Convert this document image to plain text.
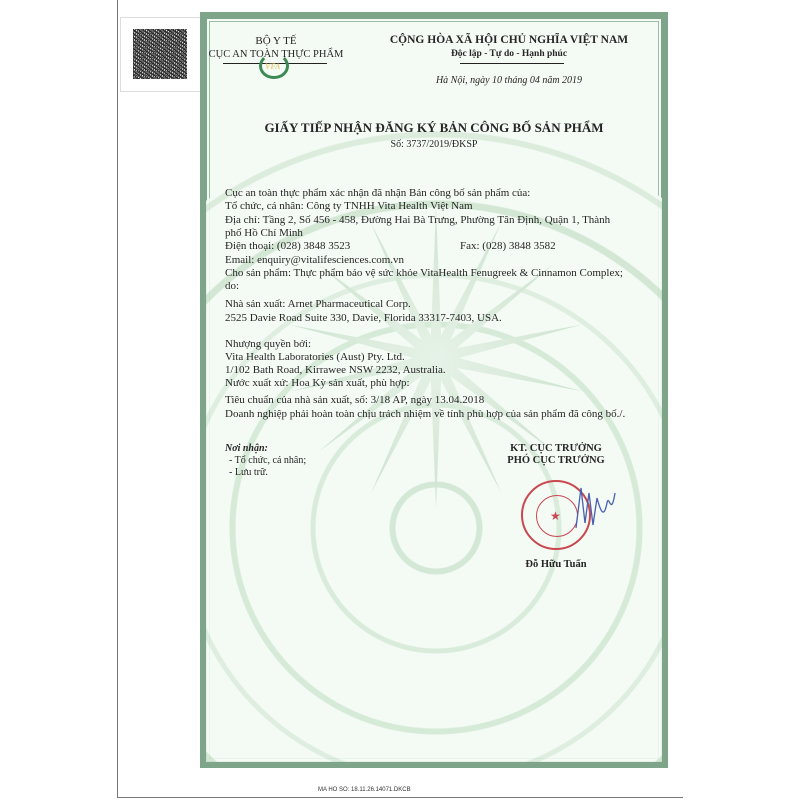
BỘ Y TẾ
CỤC AN TOÀN THỰC PHẨM
VFA
CỘNG HÒA XÃ HỘI CHỦ NGHĨA VIỆT NAM
Độc lập - Tự do - Hạnh phúc
Hà Nội, ngày 10 tháng 04 năm 2019
GIẤY TIẾP NHẬN ĐĂNG KÝ BẢN CÔNG BỐ SẢN PHẨM
Số: 3737/2019/ĐKSP
Cục an toàn thực phẩm xác nhận đã nhận Bản công bố sản phẩm của:
Tổ chức, cá nhân: Công ty TNHH Vita Health Việt Nam
Địa chỉ: Tầng 2, Số 456 - 458, Đường Hai Bà Trưng, Phường Tân Định, Quận 1, Thành
phố Hồ Chí Minh
Điện thoại: (028) 3848 3523	Fax: (028) 3848 3582
Email: enquiry@vitalifesciences.com.vn
Cho sản phẩm: Thực phẩm bảo vệ sức khỏe VitaHealth Fenugreek & Cinnamon Complex;
do:
Nhà sản xuất: Arnet Pharmaceutical Corp.
2525 Davie Road Suite 330, Davie, Florida 33317-7403, USA.
Nhượng quyền bởi:
Vita Health Laboratories (Aust) Pty. Ltd.
1/102 Bath Road, Kirrawee NSW 2232, Australia.
Nước xuất xứ: Hoa Kỳ sản xuất, phù hợp:
Tiêu chuẩn của nhà sản xuất, số: 3/18 AP, ngày 13.04.2018
Doanh nghiệp phải hoàn toàn chịu trách nhiệm về tính phù hợp của sản phẩm đã công bố./.
Nơi nhận:
- Tổ chức, cá nhân;
- Lưu trữ.
KT. CỤC TRƯỞNG
PHÓ CỤC TRƯỞNG
★
Đỗ Hữu Tuấn
MA HO SO: 18.11.26.14071.DKCB
